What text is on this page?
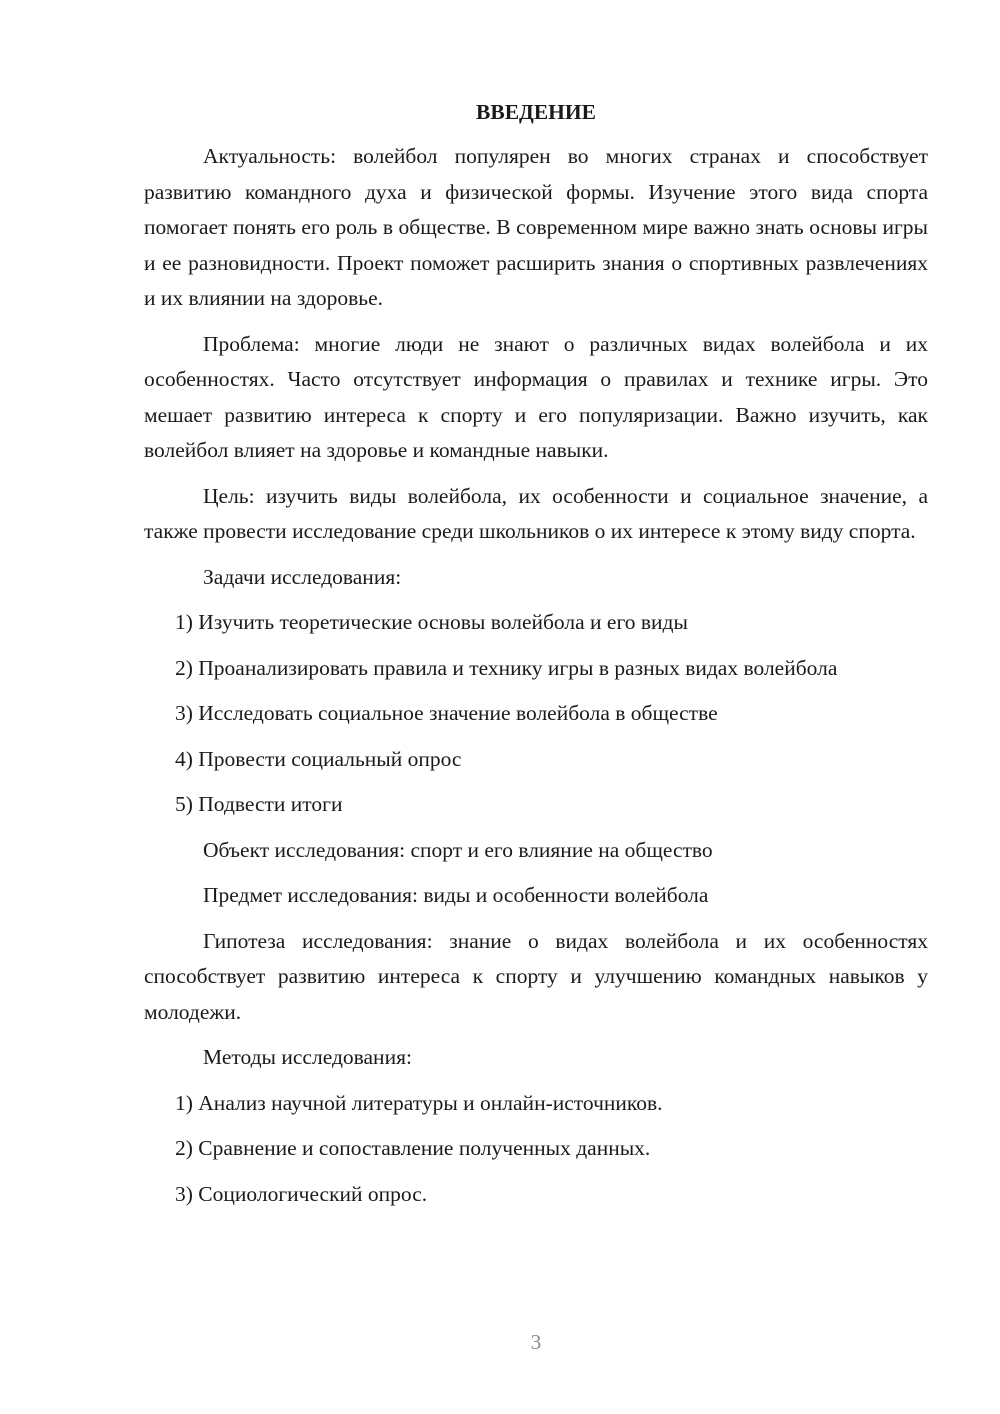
ВВЕДЕНИЕ
Актуальность: волейбол популярен во многих странах и способствует развитию командного духа и физической формы. Изучение этого вида спорта помогает понять его роль в обществе. В современном мире важно знать основы игры и ее разновидности. Проект поможет расширить знания о спортивных развлечениях и их влиянии на здоровье.
Проблема: многие люди не знают о различных видах волейбола и их особенностях. Часто отсутствует информация о правилах и технике игры. Это мешает развитию интереса к спорту и его популяризации. Важно изучить, как волейбол влияет на здоровье и командные навыки.
Цель: изучить виды волейбола, их особенности и социальное значение, а также провести исследование среди школьников о их интересе к этому виду спорта.
Задачи исследования:
1) Изучить теоретические основы волейбола и его виды
2) Проанализировать правила и технику игры в разных видах волейбола
3) Исследовать социальное значение волейбола в обществе
4) Провести социальный опрос
5) Подвести итоги
Объект исследования: спорт и его влияние на общество
Предмет исследования: виды и особенности волейбола
Гипотеза исследования: знание о видах волейбола и их особенностях способствует развитию интереса к спорту и улучшению командных навыков у молодежи.
Методы исследования:
1) Анализ научной литературы и онлайн-источников.
2) Сравнение и сопоставление полученных данных.
3) Социологический опрос.
3
